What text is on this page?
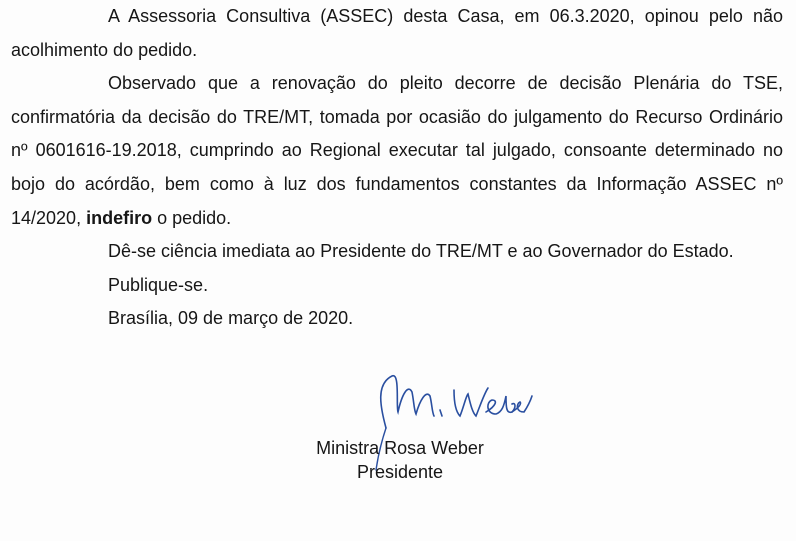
A Assessoria Consultiva (ASSEC) desta Casa, em 06.3.2020, opinou pelo não acolhimento do pedido.

Observado que a renovação do pleito decorre de decisão Plenária do TSE, confirmatória da decisão do TRE/MT, tomada por ocasião do julgamento do Recurso Ordinário nº 0601616-19.2018, cumprindo ao Regional executar tal julgado, consoante determinado no bojo do acórdão, bem como à luz dos fundamentos constantes da Informação ASSEC nº 14/2020, indefiro o pedido.

Dê-se ciência imediata ao Presidente do TRE/MT e ao Governador do Estado.

Publique-se.

Brasília, 09 de março de 2020.

Ministra Rosa Weber
Presidente
